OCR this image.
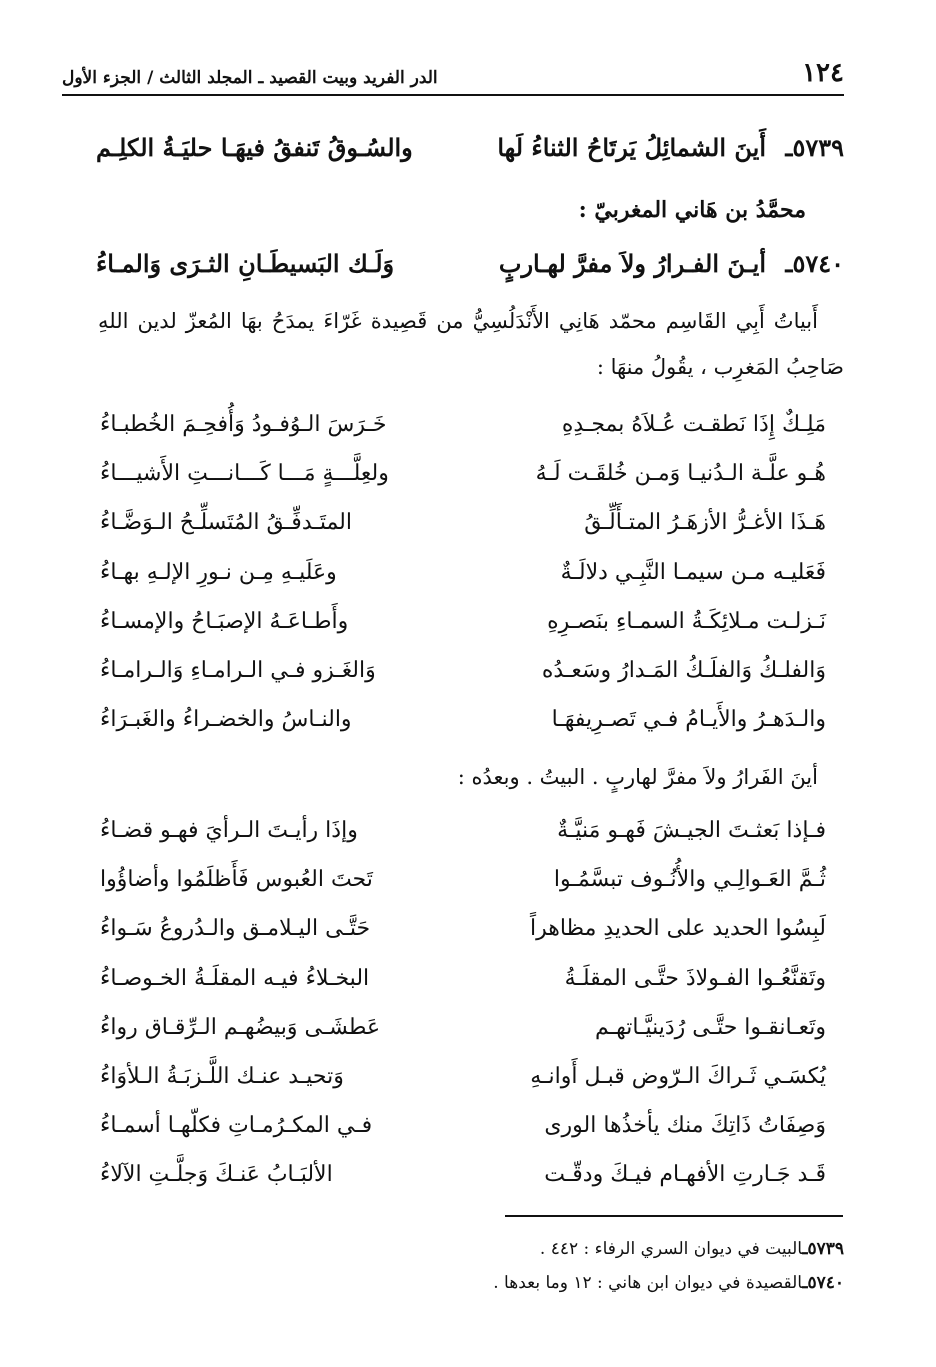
١٢٤
الدر الفريد وبيت القصيد ـ المجلد الثالث / الجزء الأول
٥٧٣٩ـ
أَينَ الشمائِلُ يَرتَاحُ الثناءُ لَها
والسُـوقُ تَنفقُ فيهَـا حليَـةُ الكلِـم
محمَّدُ بن هَاني المغربيّ :
٥٧٤٠ـ
أيـنَ الفـرارُ ولاَ مفرَّ لهـاربٍ
وَلَـك البَسيطَـانِ الثـرَى وَالمـاءُ
أَبياتُ أَبِي القَاسِم محمّد هَانِي الأَنْدَلُسِيُّ من قَصِيدة غَرّاءَ يمدَحُ بهَا المُعزّ لدين اللهِ صَاحِبُ المَغرِب ، يقُولُ منهَا :
مَلِـكٌ إِذَا نَطقـت عُـلاَهُ بمجـدِهِ
خَـرَسَ الـوُفـودُ وَأُفحِـمَ الخُطبـاءُ
هُـو علَّـة الـدُنيـا وَمـن خُلقَـت لَـهُ
ولعِلَّـــةٍ مَـــا كَـــانـــتِ الأَشيـــاءُ
هَـذَا الأغـرُّ الأزهَـرُ المتـأَلِّـقُ
المتَـدفِّـقُ المُتَسلِّـحُ الـوَضَّـاءُ
فَعَليـه مـن سيمـا النَّبِـي دلالَـةٌ
وعَلَيـهِ مِـن نـورِ الإلـهِ بهـاءُ
نَـزلـت مـلائِكَـةُ السمـاءِ بنَصـرِهِ
وأَطـاعَـهُ الإصبَـاحُ والإمسـاءُ
وَالفلـكُ وَالفلَـكُ المَـدارُ وسَعـدُه
وَالغَـزو فـي الـرامـاءِ وَالـرامـاءُ
والـدَهـرُ والأَيـامُ فـي تَصـرِيفهَـا
والنـاسُ والخضـراءُ والغَبـرَاءُ
أينَ الفَرارُ ولاَ مفرَّ لهاربٍ . البيتُ . وبعدُه :
فـإذا بَعثـتَ الجيـشَ فَهـو مَنيَّـةٌ
وإذَا رأيـتَ الـرأيَ فهـو قضـاءُ
ثُـمَّ العَـوالِـي والأُنُـوف تبسَّمُـوا
تَحتَ العُبوس فَأَظلَمُوا وأضاؤُوا
لَبِسُوا الحديد على الحديدِ مظاهراً
حَتَّـى اليـلامـق والـدُروعُ سَـواءُ
وتَقنَّعُـوا الفـولاذَ حتَّـى المقلَـةُ
البخـلاءُ فيـه المقلَـةُ الخـوصـاءُ
وتَعـانقـوا حتَّـى رُدَينيَّـاتهـم
عَطشَـى وَبيضُهـم الـرِّقـاق رواءُ
يُكسَـي ثَـراكَ الـرّوض قبـل أَوانـهِ
وَتحيـد عنـك اللَّـزبَـةُ الـلأوَاءُ
وَصِفَاتُ ذَاتِكَ منك يأخذُها الورى
فـي المكـرُمـاتِ فكلّهـا أسمـاءُ
قَـد جَـارتِ الأفهـام فيـكَ ودقّـت
الألبَـابُ عَنـكَ وَجلَّـتِ الآلاءُ
٥٧٣٩ـالبيت في ديوان السري الرفاء : ٤٤٢ .
٥٧٤٠ـالقصيدة في ديوان ابن هاني : ١٢ وما بعدها .
